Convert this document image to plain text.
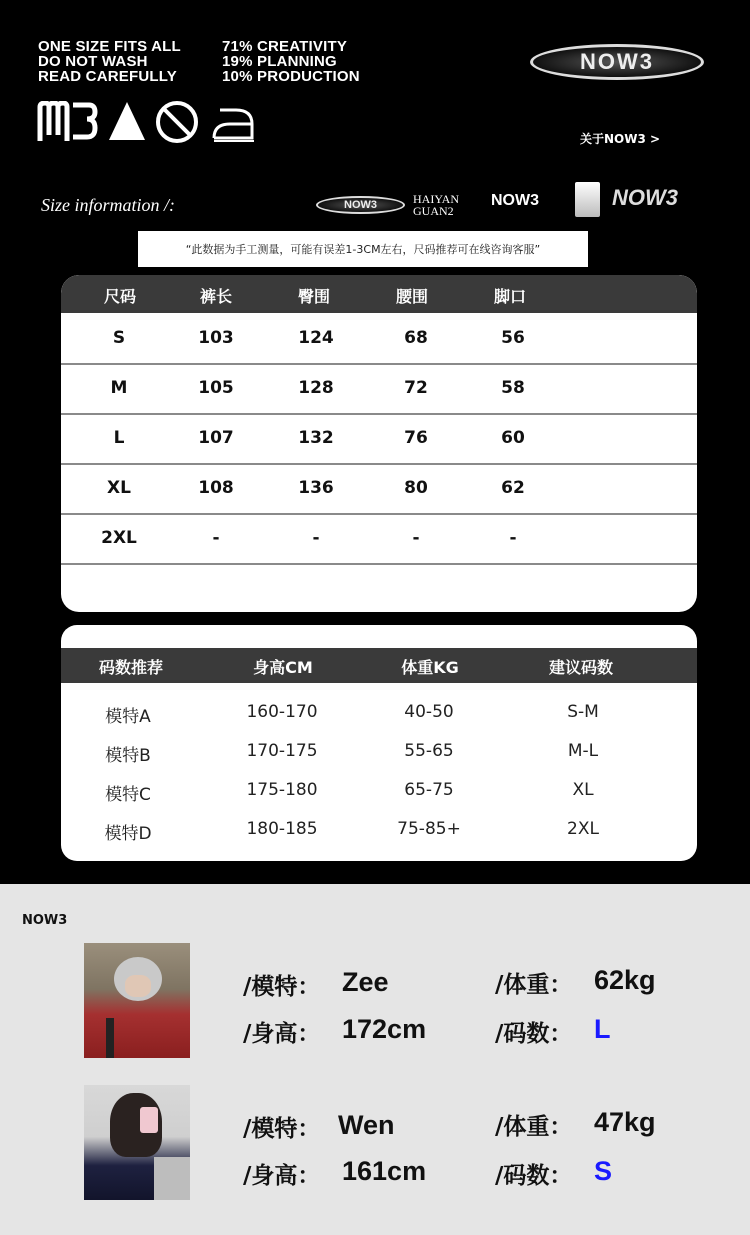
ONE SIZE FITS ALL
DO NOT WASH
READ CAREFULLY
71% CREATIVITY
19% PLANNING
10% PRODUCTION
NOW3
关于NOW3 >
Size information /:	NOW3	HAIYAN GUAN2
NOW3	NOW3
“此数据为手工测量，可能有误差1-3CM左右，尺码推荐可在线咨询客服”
尺码	裤长	臀围	腰围	脚口
S	103	124	68	56
M	105	128	72	58
L	107	132	76	60
XL	108	136	80	62
2XL	-	-	-	-
码数推荐	身高CM	体重KG	建议码数
模特A	160-170	40-50	S-M
模特B	170-175	55-65	M-L
模特C	175-180	65-75	XL
模特D	180-185	75-85+	2XL
NOW3
/模特： Zee
/身高： 172cm
/体重： 62kg
/码数： L
/模特： Wen
/身高： 161cm
/体重： 47kg
/码数： S
